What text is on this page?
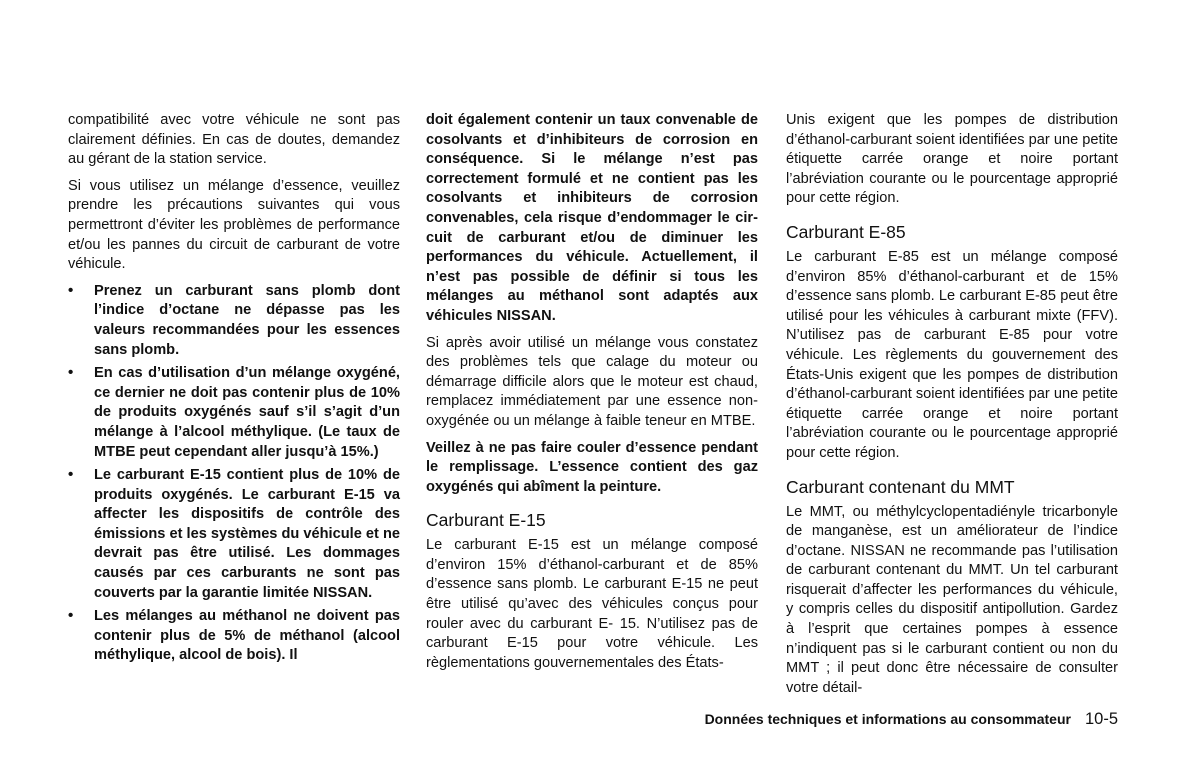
compatibilité avec votre véhicule ne sont pas clairement définies. En cas de doutes, demandez au gérant de la station service.

Si vous utilisez un mélange d’essence, veuillez prendre les précautions suivantes qui vous permettront d’éviter les problèmes de performance et/ou les pannes du circuit de carburant de votre véhicule.

• Prenez un carburant sans plomb dont l’indice d’octane ne dépasse pas les valeurs recommandées pour les essences sans plomb.
• En cas d’utilisation d’un mélange oxygéné, ce dernier ne doit pas contenir plus de 10% de produits oxygénés sauf s’il s’agit d’un mélange à l’alcool méthylique. (Le taux de MTBE peut cependant aller jusqu’à 15%.)
• Le carburant E-15 contient plus de 10% de produits oxygénés. Le carburant E-15 va affecter les dispositifs de contrôle des émissions et les systèmes du véhicule et ne devrait pas être utilisé. Les dommages causés par ces carburants ne sont pas couverts par la garantie limitée NISSAN.
• Les mélanges au méthanol ne doivent pas contenir plus de 5% de méthanol (alcool méthylique, alcool de bois). Il

doit également contenir un taux convenable de cosolvants et d’inhibiteurs de corrosion en conséquence. Si le mélange n’est pas correctement formulé et ne contient pas les cosolvants et inhibiteurs de corrosion convenables, cela risque d’endommager le circuit de carburant et/ou de diminuer les performances du véhicule. Actuellement, il n’est pas possible de définir si tous les mélanges au méthanol sont adaptés aux véhicules NISSAN.

Si après avoir utilisé un mélange vous constatez des problèmes tels que calage du moteur ou démarrage difficile alors que le moteur est chaud, remplacez immédiatement par une essence non-oxygénée ou un mélange à faible teneur en MTBE.

Veillez à ne pas faire couler d’essence pendant le remplissage. L’essence contient des gaz oxygénés qui abîment la peinture.

Carburant E-15

Le carburant E-15 est un mélange composé d’environ 15% d’éthanol-carburant et de 85% d’essence sans plomb. Le carburant E-15 ne peut être utilisé qu’avec des véhicules conçus pour rouler avec du carburant E- 15. N’utilisez pas de carburant E-15 pour votre véhicule. Les règlementations gouvernementales des États-

Unis exigent que les pompes de distribution d’éthanol-carburant soient identifiées par une petite étiquette carrée orange et noire portant l’abréviation courante ou le pourcentage approprié pour cette région.

Carburant E-85

Le carburant E-85 est un mélange composé d’environ 85% d’éthanol-carburant et de 15% d’essence sans plomb. Le carburant E-85 peut être utilisé pour les véhicules à carburant mixte (FFV). N’utilisez pas de carburant E-85 pour votre véhicule. Les règlements du gouvernement des États-Unis exigent que les pompes de distribution d’éthanol-carburant soient identifiées par une petite étiquette carrée orange et noire portant l’abréviation courante ou le pourcentage approprié pour cette région.

Carburant contenant du MMT

Le MMT, ou méthylcyclopentadiényle tricarbonyle de manganèse, est un améliorateur de l’indice d’octane. NISSAN ne recommande pas l’utilisation de carburant contenant du MMT. Un tel carburant risquerait d’affecter les performances du véhicule, y compris celles du dispositif antipollution. Gardez à l’esprit que certaines pompes à essence n’indiquent pas si le carburant contient ou non du MMT ; il peut donc être nécessaire de consulter votre détail-

Données techniques et informations au consommateur 10-5
